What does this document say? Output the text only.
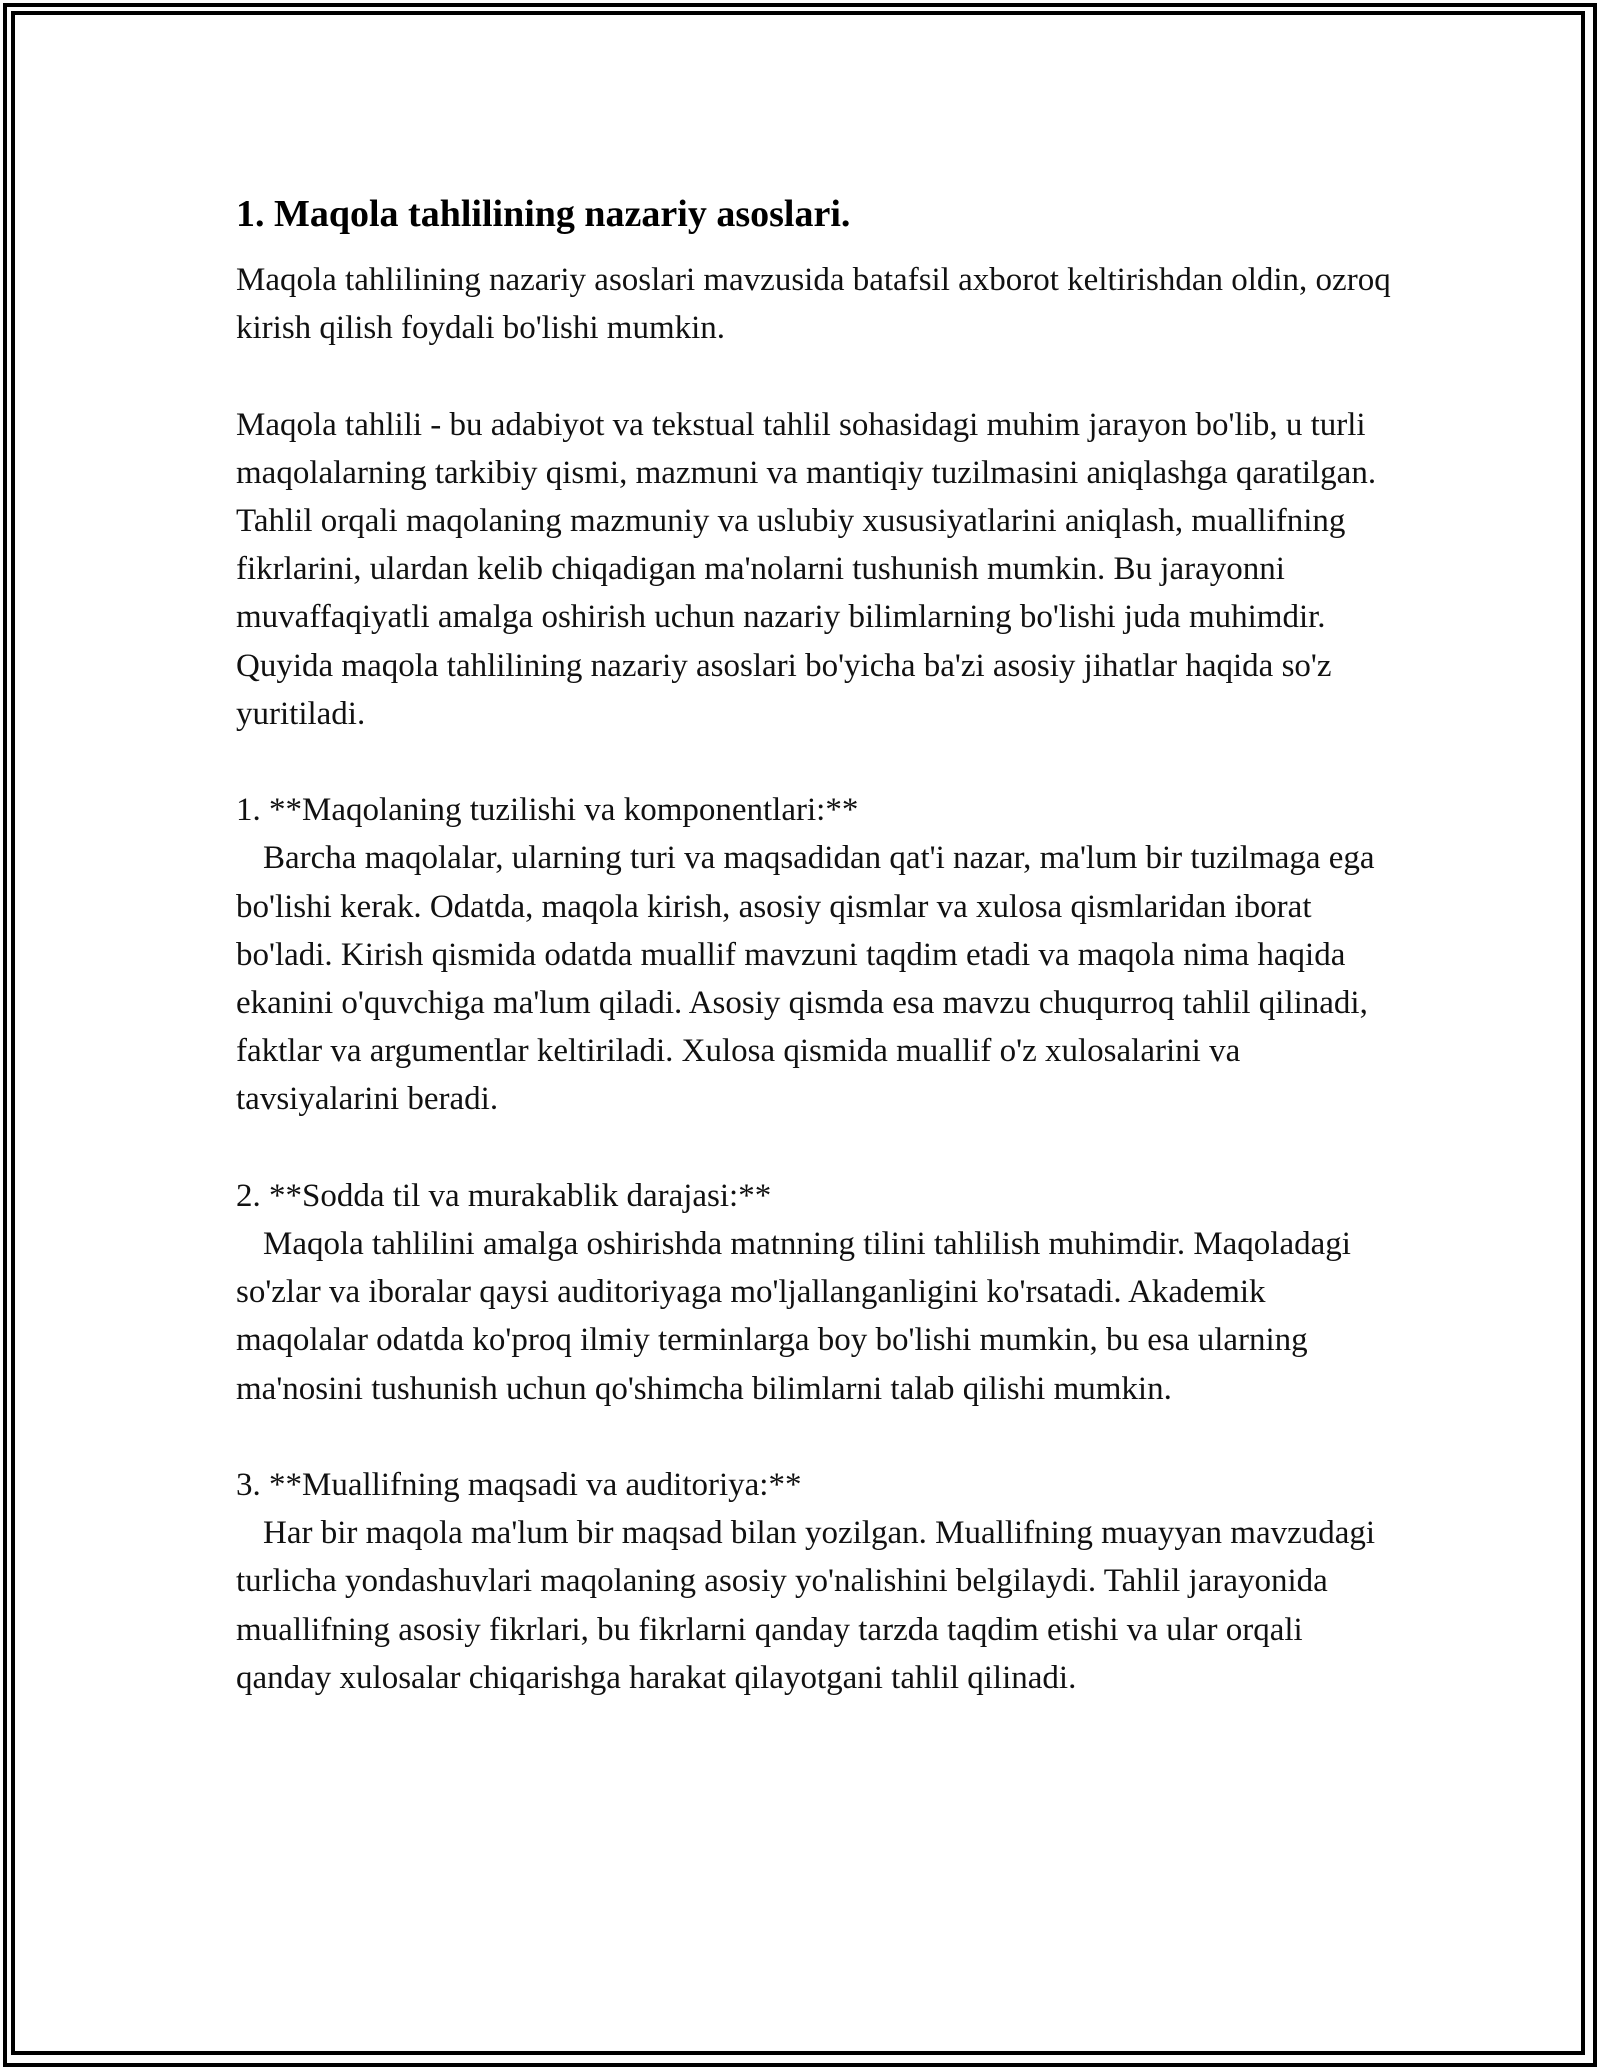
1. Maqola tahlilining nazariy asoslari.

Maqola tahlilining nazariy asoslari mavzusida batafsil axborot keltirishdan oldin, ozroq kirish qilish foydali bo'lishi mumkin.

Maqola tahlili - bu adabiyot va tekstual tahlil sohasidagi muhim jarayon bo'lib, u turli maqolalarning tarkibiy qismi, mazmuni va mantiqiy tuzilmasini aniqlashga qaratilgan. Tahlil orqali maqolaning mazmuniy va uslubiy xususiyatlarini aniqlash, muallifning fikrlarini, ulardan kelib chiqadigan ma'nolarni tushunish mumkin. Bu jarayonni muvaffaqiyatli amalga oshirish uchun nazariy bilimlarning bo'lishi juda muhimdir. Quyida maqola tahlilining nazariy asoslari bo'yicha ba'zi asosiy jihatlar haqida so'z yuritiladi.

1. **Maqolaning tuzilishi va komponentlari:**

Barcha maqolalar, ularning turi va maqsadidan qat'i nazar, ma'lum bir tuzilmaga ega bo'lishi kerak. Odatda, maqola kirish, asosiy qismlar va xulosa qismlaridan iborat bo'ladi. Kirish qismida odatda muallif mavzuni taqdim etadi va maqola nima haqida ekanini o'quvchiga ma'lum qiladi. Asosiy qismda esa mavzu chuqurroq tahlil qilinadi, faktlar va argumentlar keltiriladi. Xulosa qismida muallif o'z xulosalarini va tavsiyalarini beradi.

2. **Sodda til va murakablik darajasi:**

Maqola tahlilini amalga oshirishda matnning tilini tahlilish muhimdir. Maqoladagi so'zlar va iboralar qaysi auditoriyaga mo'ljallanganligini ko'rsatadi. Akademik maqolalar odatda ko'proq ilmiy terminlarga boy bo'lishi mumkin, bu esa ularning ma'nosini tushunish uchun qo'shimcha bilimlarni talab qilishi mumkin.

3. **Muallifning maqsadi va auditoriya:**

Har bir maqola ma'lum bir maqsad bilan yozilgan. Muallifning muayyan mavzudagi turlicha yondashuvlari maqolaning asosiy yo'nalishini belgilaydi. Tahlil jarayonida muallifning asosiy fikrlari, bu fikrlarni qanday tarzda taqdim etishi va ular orqali qanday xulosalar chiqarishga harakat qilayotgani tahlil qilinadi.
